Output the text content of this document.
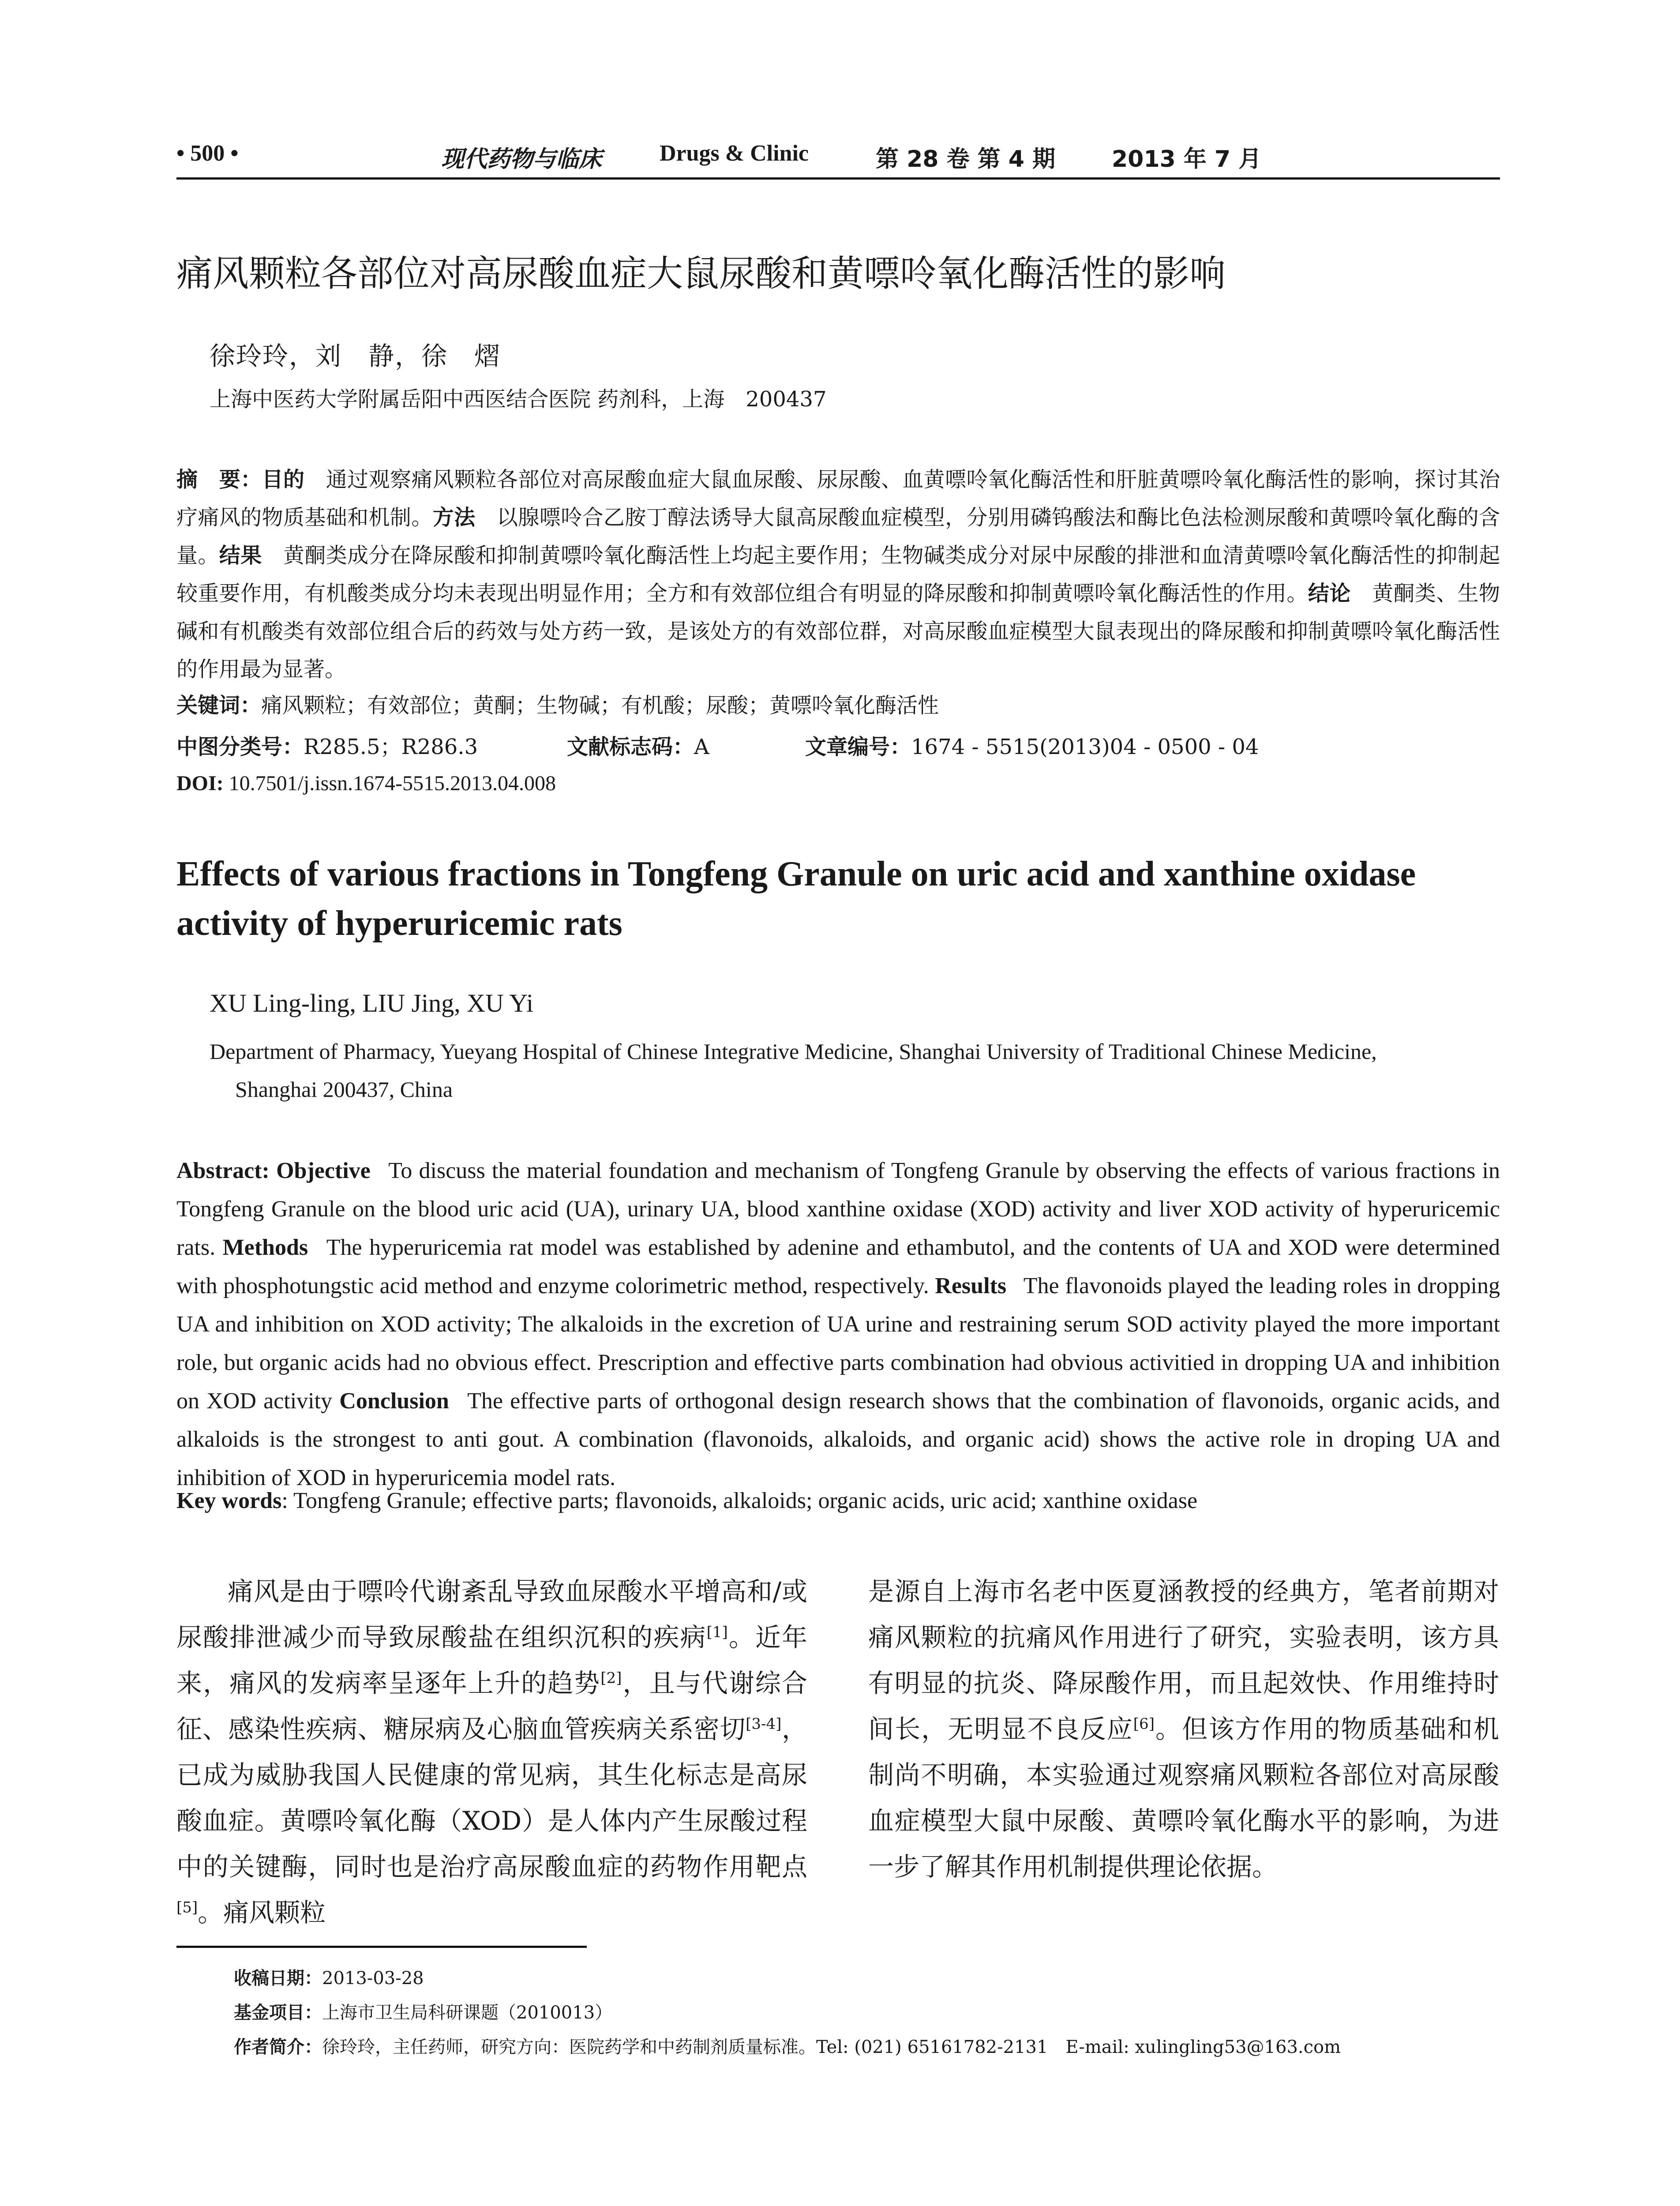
• 500 •	现代药物与临床	Drugs & Clinic	第 28 卷 第 4 期 2013 年 7 月
痛风颗粒各部位对高尿酸血症大鼠尿酸和黄嘌呤氧化酶活性的影响
徐玲玲，刘　静，徐　熠
上海中医药大学附属岳阳中西医结合医院 药剂科，上海　200437
摘　要：目的  通过观察痛风颗粒各部位对高尿酸血症大鼠血尿酸、尿尿酸、血黄嘌呤氧化酶活性和肝脏黄嘌呤氧化酶活性的影响，探讨其治疗痛风的物质基础和机制。方法  以腺嘌呤合乙胺丁醇法诱导大鼠高尿酸血症模型，分别用磷钨酸法和酶比色法检测尿酸和黄嘌呤氧化酶的含量。结果  黄酮类成分在降尿酸和抑制黄嘌呤氧化酶活性上均起主要作用；生物碱类成分对尿中尿酸的排泄和血清黄嘌呤氧化酶活性的抑制起较重要作用，有机酸类成分均未表现出明显作用；全方和有效部位组合有明显的降尿酸和抑制黄嘌呤氧化酶活性的作用。结论  黄酮类、生物碱和有机酸类有效部位组合后的药效与处方药一致，是该处方的有效部位群，对高尿酸血症模型大鼠表现出的降尿酸和抑制黄嘌呤氧化酶活性的作用最为显著。
关键词：痛风颗粒；有效部位；黄酮；生物碱；有机酸；尿酸；黄嘌呤氧化酶活性
中图分类号：R285.5；R286.3	文献标志码：A	文章编号：1674 - 5515(2013)04 - 0500 - 04
DOI: 10.7501/j.issn.1674-5515.2013.04.008
Effects of various fractions in Tongfeng Granule on uric acid and xanthine oxidase activity of hyperuricemic rats
XU Ling-ling, LIU Jing, XU Yi
Department of Pharmacy, Yueyang Hospital of Chinese Integrative Medicine, Shanghai University of Traditional Chinese Medicine,
Shanghai 200437, China
Abstract: Objective  To discuss the material foundation and mechanism of Tongfeng Granule by observing the effects of various fractions in Tongfeng Granule on the blood uric acid (UA), urinary UA, blood xanthine oxidase (XOD) activity and liver XOD activity of hyperuricemic rats. Methods  The hyperuricemia rat model was established by adenine and ethambutol, and the contents of UA and XOD were determined with phosphotungstic acid method and enzyme colorimetric method, respectively. Results  The flavonoids played the leading roles in dropping UA and inhibition on XOD activity; The alkaloids in the excretion of UA urine and restraining serum SOD activity played the more important role, but organic acids had no obvious effect. Prescription and effective parts combination had obvious activitied in dropping UA and inhibition on XOD activity Conclusion  The effective parts of orthogonal design research shows that the combination of flavonoids, organic acids, and alkaloids is the strongest to anti gout. A combination (flavonoids, alkaloids, and organic acid) shows the active role in droping UA and inhibition of XOD in hyperuricemia model rats.
Key words: Tongfeng Granule; effective parts; flavonoids, alkaloids; organic acids, uric acid; xanthine oxidase
痛风是由于嘌呤代谢紊乱导致血尿酸水平增高和/或尿酸排泄减少而导致尿酸盐在组织沉积的疾病[1]。近年来，痛风的发病率呈逐年上升的趋势[2]，且与代谢综合征、感染性疾病、糖尿病及心脑血管疾病关系密切[3-4]，已成为威胁我国人民健康的常见病，其生化标志是高尿酸血症。黄嘌呤氧化酶（XOD）是人体内产生尿酸过程中的关键酶，同时也是治疗高尿酸血症的药物作用靶点[5]。痛风颗粒
是源自上海市名老中医夏涵教授的经典方，笔者前期对痛风颗粒的抗痛风作用进行了研究，实验表明，该方具有明显的抗炎、降尿酸作用，而且起效快、作用维持时间长，无明显不良反应[6]。但该方作用的物质基础和机制尚不明确，本实验通过观察痛风颗粒各部位对高尿酸血症模型大鼠中尿酸、黄嘌呤氧化酶水平的影响，为进一步了解其作用机制提供理论依据。
收稿日期：2013-03-28
基金项目：上海市卫生局科研课题（2010013）
作者简介：徐玲玲，主任药师，研究方向：医院药学和中药制剂质量标准。Tel: (021) 65161782-2131　E-mail: xulingling53@163.com
